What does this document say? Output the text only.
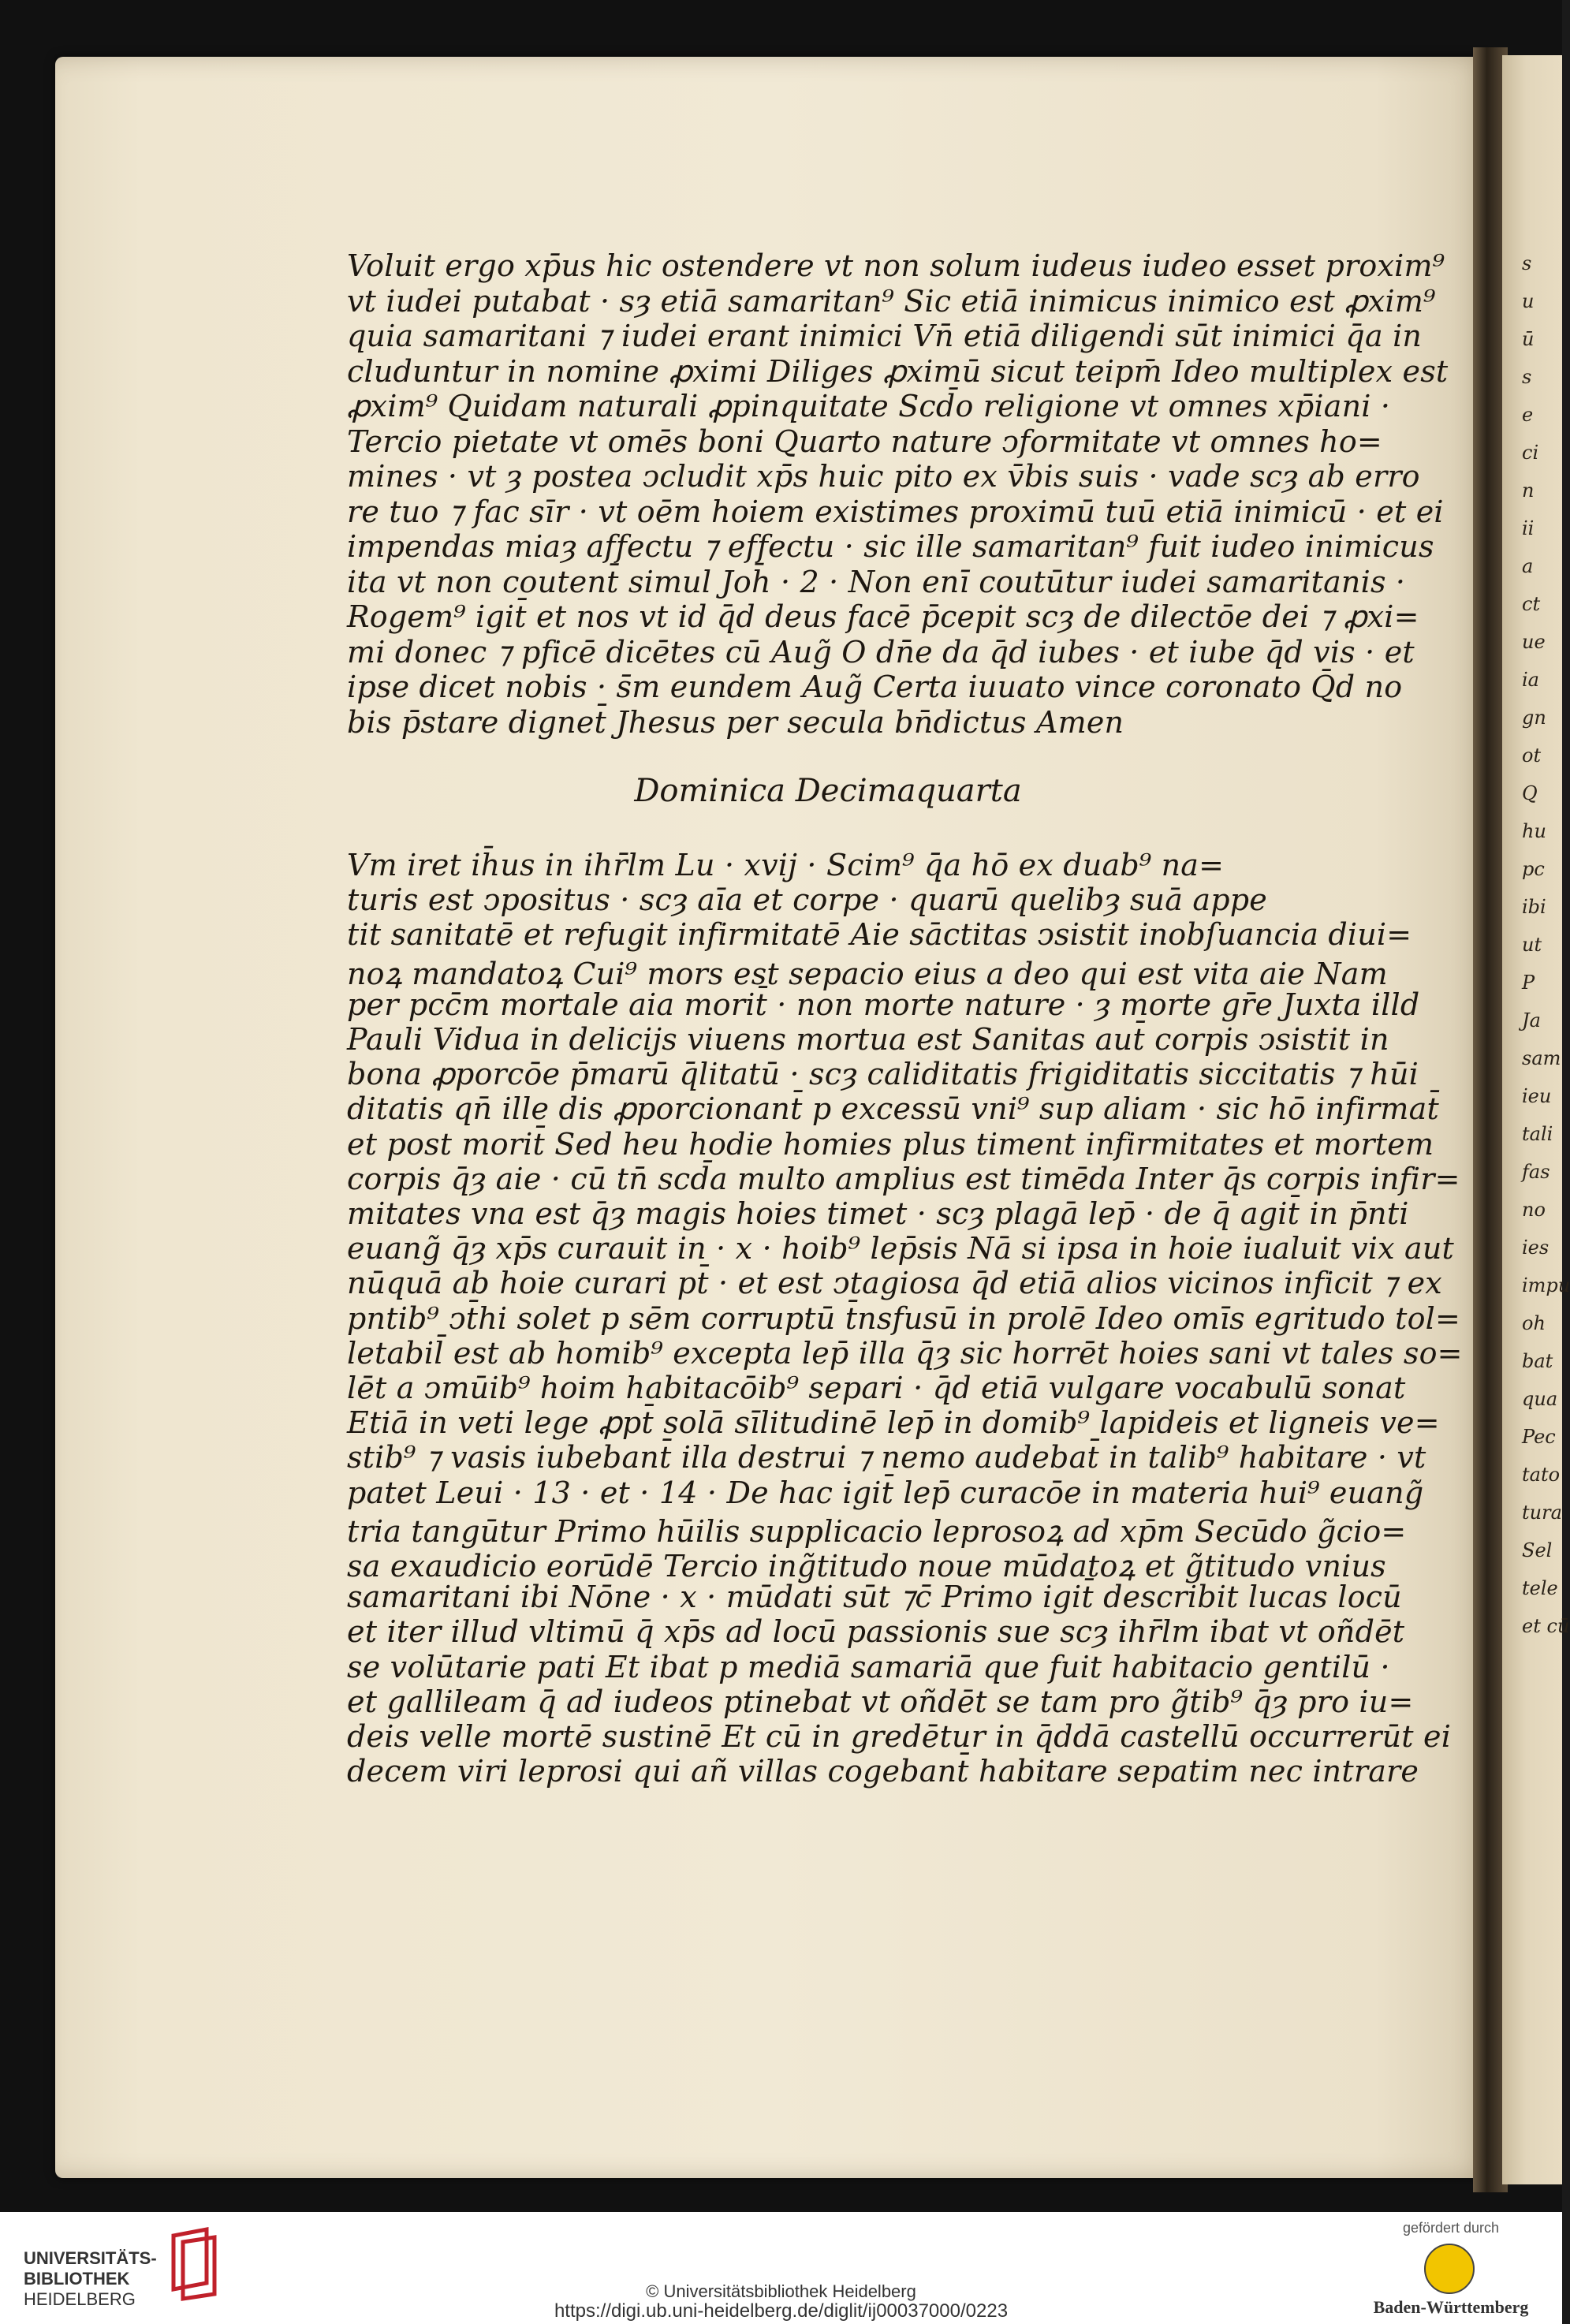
Voluit ergo xp̄us hic ostendere vt non solum iudeus iudeo esset proxim⁹
vt iudei putabat · sȝ etiā samaritan⁹ Sic etiā inimicus inimico est ꝓxim⁹
quia samaritani ⁊ iudei erant inimici Vn̄ etiā diligendi sūt inimici q̄a in
cluduntur in nomine ꝓximi Diliges ꝓximū sicut teipm̄ Ideo multiplex est
ꝓxim⁹ Quidam naturali ꝓpinquitate Scd̄o religione vt omnes xp̄iani ·
Tercio pietate vt omēs boni Quarto nature ↄformitate vt omnes ho=
mines · vt ȝ postea ↄcludit xp̄s huic pito ex v̄bis suis · vade scȝ ab erro
re tuo ⁊ fac sīr · vt oēm hoiem existimes proximū tuū etiā inimicū · et ei
impendas miaȝ affectu ⁊ effectu · sic ille samaritan⁹ fuit iudeo inimicus
ita vt non coutent̄ simul Joh̄ · 2 · Non enī coutūtur iudei samaritanis ·
Rogem⁹ igit̄ et nos vt id q̄d deus facē p̄cepit scȝ de dilectōe dei ⁊ ꝓxi=
mi donec ⁊ pficē dicētes cū Aug̃ O dn̄e da q̄d iubes · et iube q̄d vis · et
ipse dicet nobis · s̄m eundem Aug̃ Certa iuuato vince coronato Q̄d no
bis p̄stare dignet̄ Jhesus per secula bn̄dictus Amen
Dominica Decimaquarta
Vm iret ih̄us in ihr̄lm Lu · xvij · Scim⁹ q̄a hō ex duab⁹ na=
turis est ↄpositus · scȝ aīa et corpe · quarū quelibȝ suā appe
tit sanitatē et refugit infirmitatē Aie sāctitas ↄsistit inobſuancia diui=
noꝝ mandatoꝝ Cui⁹ mors est sepacio eius a deo qui est vita aie Nam
per pcc̄m mortale aia morit̄ · non morte nature · ȝ morte gr̄e Juxta illd
Pauli Vidua in delicijs viuens mortua est Sanitas aut̄ corpis ↄsistit in
bona ꝓporcōe p̄marū q̄litatū · scȝ caliditatis frigiditatis siccitatis ⁊ hūi
ditatis qn̄ ille dis ꝓporcionant̄ p excessū vni⁹ sup aliam · sic hō infirmat̄
et post morit̄ Sed heu hodie homies plus timent infirmitates et mortem
corpis q̄ȝ aie · cū tn̄ scd̄a multo amplius est timēda Inter q̄s corpis infir=
mitates vna est q̄ȝ magis hoies timet · scȝ plagā lep̄ · de q̄ agit̄ in p̄nti
euang̃ q̄ȝ xp̄s curauit in · x · hoib⁹ lep̄sis Nā si ipsa in hoie iualuit vix aut
nūquā ab hoie curari pt̄ · et est ↄtagiosa q̄d etiā alios vicinos inficit ⁊ ex
pntib⁹ ↄt̄hi solet p sēm corruptū t̄nsfusū in prolē Ideo omīs egritudo tol=
letabil̄ est ab homib⁹ excepta lep̄ illa q̄ȝ sic horrēt hoies sani vt tales so=
lēt a ↄmūib⁹ hoim habitacōib⁹ separi · q̄d etiā vulgare vocabulū sonat
Etiā in veti lege ꝓpt̄ solā sīlitudinē lep̄ in domib⁹ lapideis et ligneis ve=
stib⁹ ⁊ vasis iubebant̄ illa destrui ⁊ nemo audebat̄ in talib⁹ habitare · vt
patet Leui · 13 · et · 14 · De hac igit̄ lep̄ curacōe in materia hui⁹ euang̃
tria tangūtur Primo hūilis supplicacio leprosoꝝ ad xp̄m Secūdo g̃cio=
sa exaudicio eorūdē Tercio ing̃titudo noue mūdatoꝝ et g̃titudo vnius
samaritani ibi Nōne · x · mūdati sūt ⁊c̄ Primo igit̄ describit lucas locū
et iter illud vltimū q̄ xp̄s ad locū passionis sue scȝ ihr̄lm ibat vt oñdēt
se volūtarie pati Et ibat p mediā samariā que fuit habitacio gentilū ·
et gallileam q̄ ad iudeos ptinebat vt oñdēt se tam pro g̃tib⁹ q̄ȝ pro iu=
deis velle mortē sustinē Et cū in gredētur in q̄ddā castellū occurrerūt ei
decem viri leprosi qui añ villas cogebant̄ habitare sepatim nec intrare
s
u
ū
s
e
ci
n
ii
a
ct
ue
ia
gn
ot
Q
hu
pc
ibi
ut
P
Ja
sam
ieu
tali
fas
no
ies
impu
oh
bat
qua
Pec
tato
tura
Sel
tele
et cū
UNIVERSITÄTS-
BIBLIOTHEK
HEIDELBERG	© Universitätsbibliothek Heidelberg
https://digi.ub.uni-heidelberg.de/diglit/ij00037000/0223
gefördert durch
Baden-Württemberg
